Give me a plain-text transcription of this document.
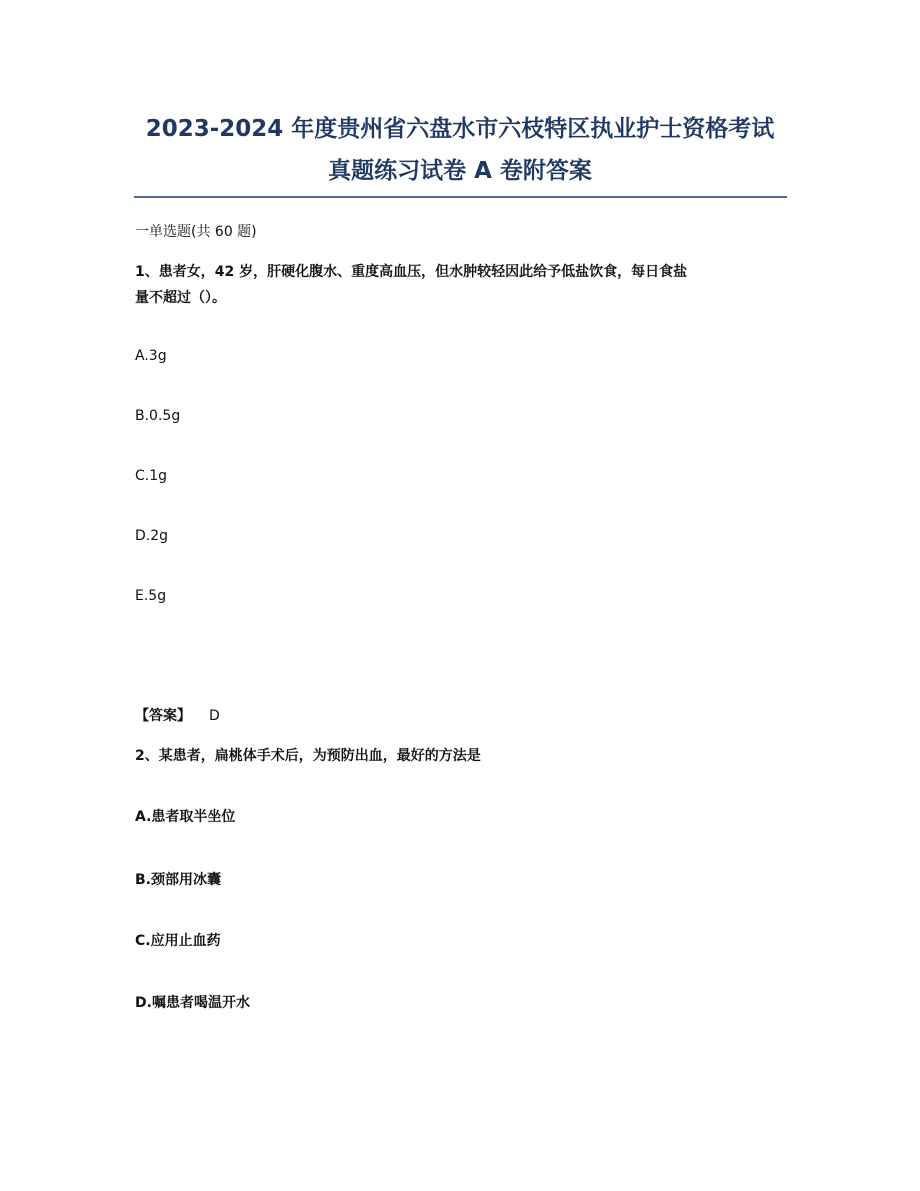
2023-2024 年度贵州省六盘水市六枝特区执业护士资格考试
真题练习试卷 A 卷附答案
一单选题(共 60 题)
1、患者女，42 岁，肝硬化腹水、重度高血压，但水肿较轻因此给予低盐饮食，每日食盐
量不超过（）。
A.3g
B.0.5g
C.1g
D.2g
E.5g
【答案】 D
2、某患者，扁桃体手术后，为预防出血，最好的方法是
A.患者取半坐位
B.颈部用冰囊
C.应用止血药
D.嘱患者喝温开水
